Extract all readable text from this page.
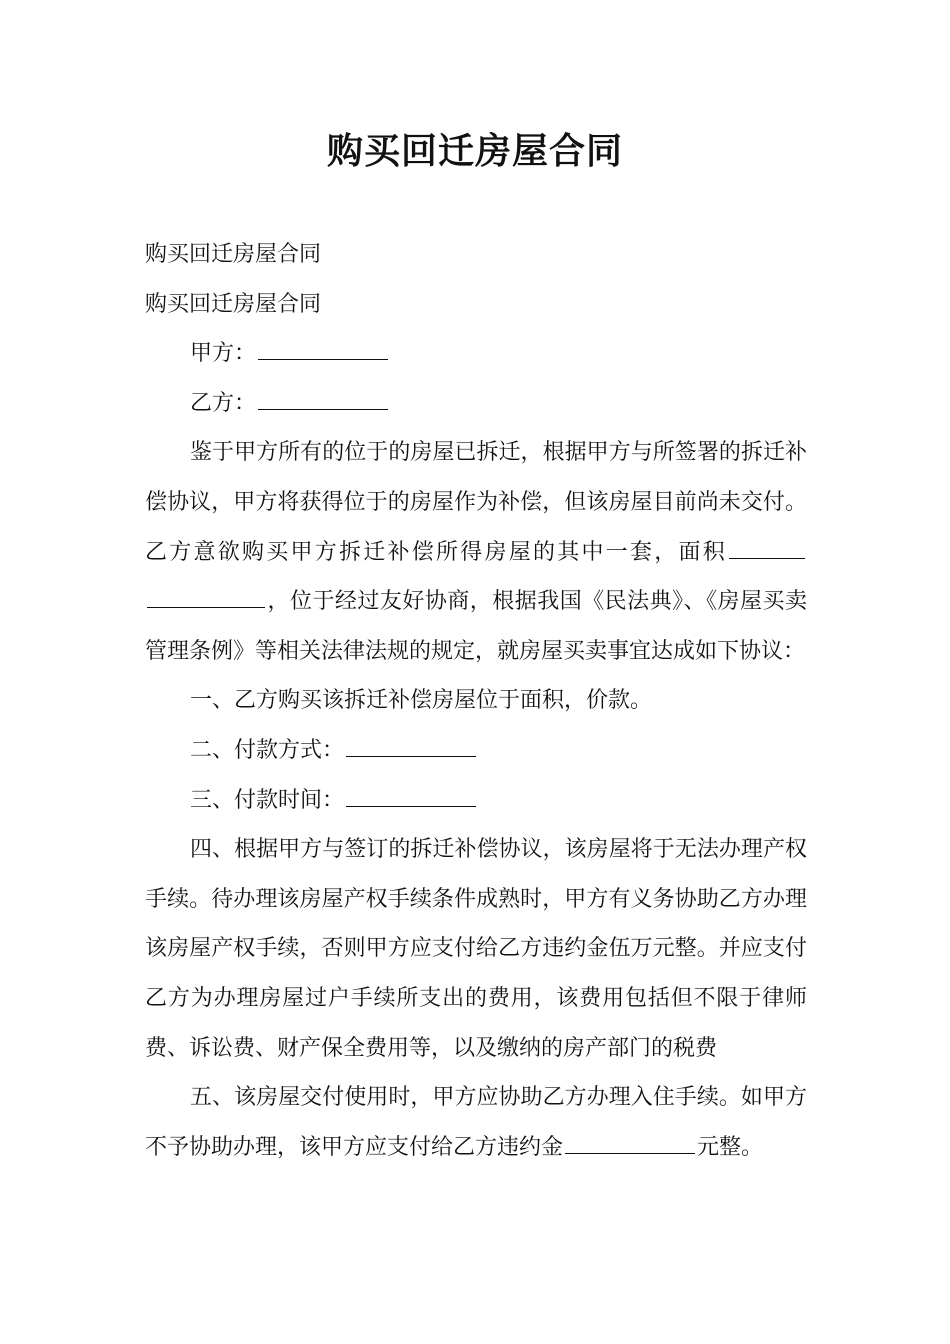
购买回迁房屋合同

购买回迁房屋合同

购买回迁房屋合同

甲方：

乙方：

鉴于甲方所有的位于的房屋已拆迁，根据甲方与所签署的拆迁补偿协议，甲方将获得位于的房屋作为补偿，但该房屋目前尚未交付。乙方意欲购买甲方拆迁补偿所得房屋的其中一套，面积，位于经过友好协商，根据我国《民法典》、《房屋买卖管理条例》等相关法律法规的规定，就房屋买卖事宜达成如下协议：

一、乙方购买该拆迁补偿房屋位于面积，价款。

二、付款方式：

三、付款时间：

四、根据甲方与签订的拆迁补偿协议，该房屋将于无法办理产权手续。待办理该房屋产权手续条件成熟时，甲方有义务协助乙方办理该房屋产权手续，否则甲方应支付给乙方违约金伍万元整。并应支付乙方为办理房屋过户手续所支出的费用，该费用包括但不限于律师费、诉讼费、财产保全费用等，以及缴纳的房产部门的税费

五、该房屋交付使用时，甲方应协助乙方办理入住手续。如甲方不予协助办理，该甲方应支付给乙方违约金	元整。
